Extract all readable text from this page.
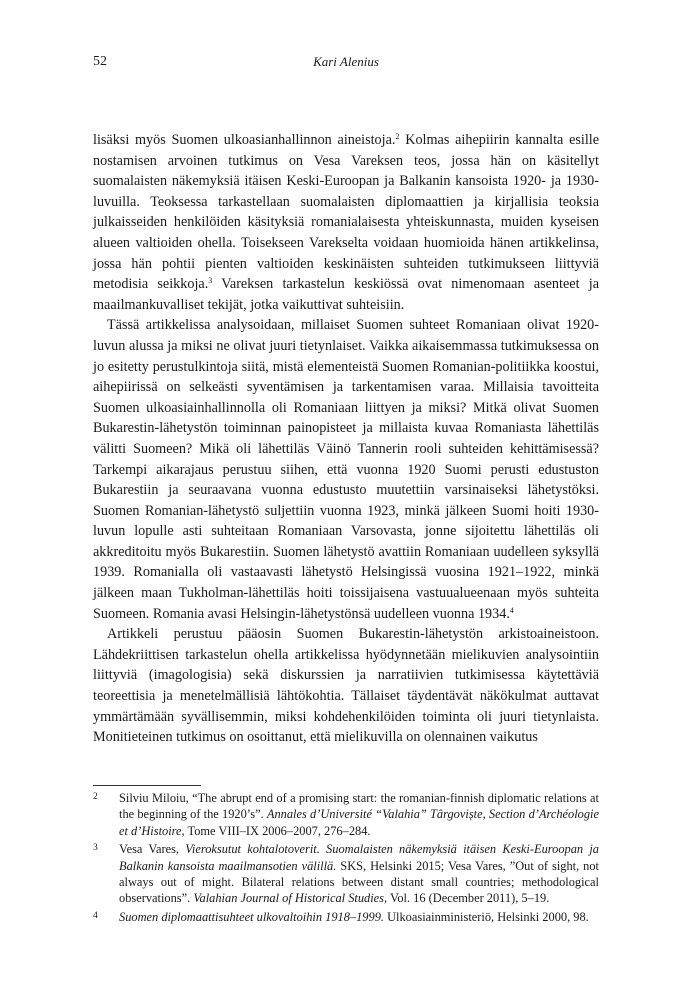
52	Kari Alenius

lisäksi myös Suomen ulkoasianhallinnon aineistoja.$^2$ Kolmas aihepiirin kannalta esille nostamisen arvoinen tutkimus on Vesa Vareksen teos, jossa hän on käsitellyt suomalaisten näkemyksiä itäisen Keski-Euroopan ja Balkanin kansoista 1920- ja 1930-luvuilla. Teoksessa tarkastellaan suomalaisten diplomaattien ja kirjallisia teoksia julkaisseiden henkilöiden käsityksiä romanialaisesta yhteiskunnasta, muiden kyseisen alueen valtioiden ohella. Toisekseen Varekselta voidaan huomioida hänen artikkelinsa, jossa hän pohtii pienten valtioiden keskinäisten suhteiden tutkimukseen liittyviä metodisia seikkoja.$^3$ Vareksen tarkastelun keskiössä ovat nimenomaan asenteet ja maailmankuvalliset tekijät, jotka vaikuttivat suhteisiin.

Tässä artikkelissa analysoidaan, millaiset Suomen suhteet Romaniaan olivat 1920-luvun alussa ja miksi ne olivat juuri tietynlaiset. Vaikka aikaisemmassa tutkimuksessa on jo esitetty perustulkintoja siitä, mistä elementeistä Suomen Romanian-politiikka koostui, aihepiirissä on selkeästi syventämisen ja tarkentamisen varaa. Millaisia tavoitteita Suomen ulkoasiainhallinnolla oli Romaniaan liittyen ja miksi? Mitkä olivat Suomen Bukarestin-lähetystön toiminnan painopisteet ja millaista kuvaa Romaniasta lähettiläs välitti Suomeen? Mikä oli lähettiläs Väinö Tannerin rooli suhteiden kehittämisessä? Tarkempi aikarajaus perustuu siihen, että vuonna 1920 Suomi perusti edustuston Bukarestiin ja seuraavana vuonna edustusto muutettiin varsinaiseksi lähetystöksi. Suomen Romanian-lähetystö suljettiin vuonna 1923, minkä jälkeen Suomi hoiti 1930-luvun lopulle asti suhteitaan Romaniaan Varsovasta, jonne sijoitettu lähettiläs oli akkreditoitu myös Bukarestiin. Suomen lähetystö avattiin Romaniaan uudelleen syksyllä 1939. Romanialla oli vastaavasti lähetystö Helsingissä vuosina 1921–1922, minkä jälkeen maan Tukholman-lähettiläs hoiti toissijaisena vastuualueenaan myös suhteita Suomeen. Romania avasi Helsingin-lähetystönsä uudelleen vuonna 1934.$^4$

Artikkeli perustuu pääosin Suomen Bukarestin-lähetystön arkistoaineistoon. Lähdekriittisen tarkastelun ohella artikkelissa hyödynnetään mielikuvien analysointiin liittyviä (imagologisia) sekä diskurssien ja narratiivien tutkimisessa käytettäviä teoreettisia ja menetelmällisiä lähtökohtia. Tällaiset täydentävät näkökulmat auttavat ymmärtämään syvällisemmin, miksi kohdehenkilöiden toiminta oli juuri tietynlaista. Monitieteinen tutkimus on osoittanut, että mielikuvilla on olennainen vaikutus

2 Silviu Miloiu, “The abrupt end of a promising start: the romanian-finnish diplomatic relations at the beginning of the 1920’s”. Annales d’Université “Valahia” Târgoviște, Section d’Archéologie et d’Histoire, Tome VIII–IX 2006–2007, 276–284.
3 Vesa Vares, Vieroksutut kohtalotoverit. Suomalaisten näkemyksiä itäisen Keski-Euroopan ja Balkanin kansoista maailmansotien välillä. SKS, Helsinki 2015; Vesa Vares, ”Out of sight, not always out of might. Bilateral relations between distant small countries; methodological observations”. Valahian Journal of Historical Studies, Vol. 16 (December 2011), 5–19.
4 Suomen diplomaattisuhteet ulkovaltoihin 1918–1999. Ulkoasiainministeriö, Helsinki 2000, 98.
